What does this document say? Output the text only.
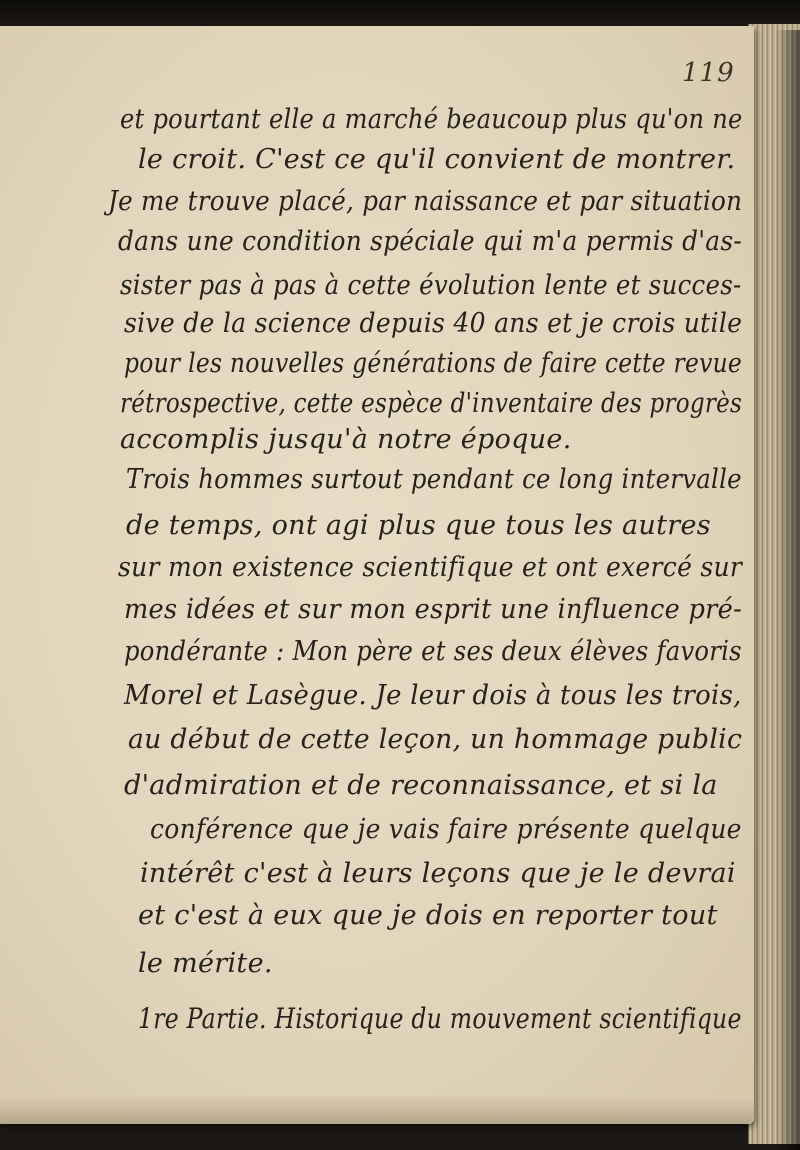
119
et pourtant elle a marché beaucoup plus qu'on ne
le croit. C'est ce qu'il convient de montrer.
Je me trouve placé, par naissance et par situation
dans une condition spéciale qui m'a permis d'as-
sister pas à pas à cette évolution lente et succes-
sive de la science depuis 40 ans et je crois utile
pour les nouvelles générations de faire cette revue
rétrospective, cette espèce d'inventaire des progrès
accomplis jusqu'à notre époque.
Trois hommes surtout pendant ce long intervalle
de temps, ont agi plus que tous les autres
sur mon existence scientifique et ont exercé sur
mes idées et sur mon esprit une influence pré-
pondérante : Mon père et ses deux élèves favoris
Morel et Lasègue. Je leur dois à tous les trois,
au début de cette leçon, un hommage public
d'admiration et de reconnaissance, et si la
conférence que je vais faire présente quelque
intérêt c'est à leurs leçons que je le devrai
et c'est à eux que je dois en reporter tout
le mérite.
1re Partie. Historique du mouvement scientifique
